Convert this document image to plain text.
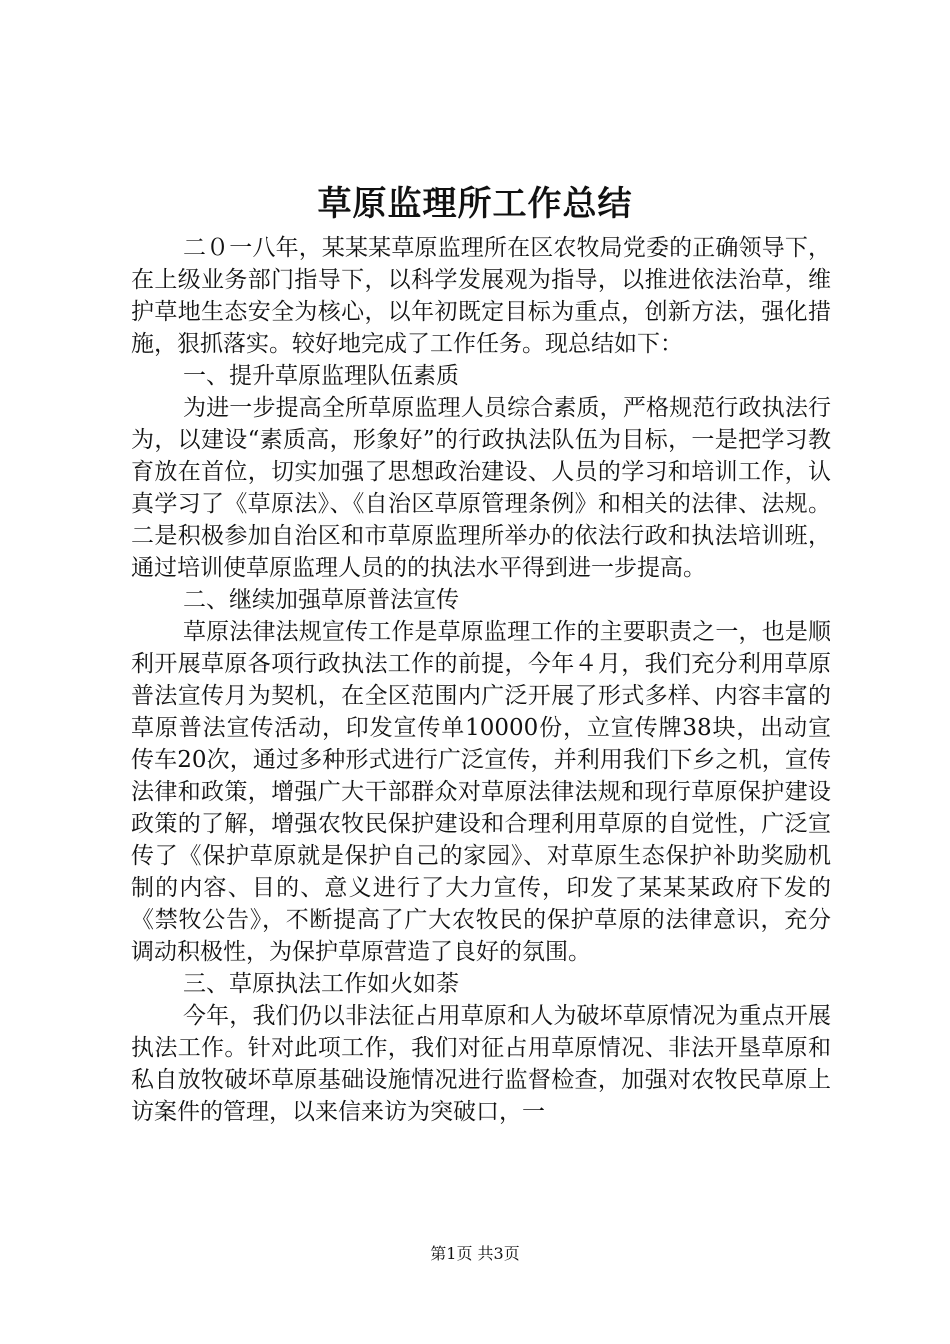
草原监理所工作总结

二０一八年，某某某草原监理所在区农牧局党委的正确领导下，在上级业务部门指导下，以科学发展观为指导，以推进依法治草，维护草地生态安全为核心，以年初既定目标为重点，创新方法，强化措施，狠抓落实。较好地完成了工作任务。现总结如下：

一、提升草原监理队伍素质

为进一步提高全所草原监理人员综合素质，严格规范行政执法行为，以建设“素质高，形象好”的行政执法队伍为目标，一是把学习教育放在首位，切实加强了思想政治建设、人员的学习和培训工作，认真学习了《草原法》、《自治区草原管理条例》和相关的法律、法规。二是积极参加自治区和市草原监理所举办的依法行政和执法培训班，通过培训使草原监理人员的的执法水平得到进一步提高。

二、继续加强草原普法宣传

草原法律法规宣传工作是草原监理工作的主要职责之一，也是顺利开展草原各项行政执法工作的前提，今年４月，我们充分利用草原普法宣传月为契机，在全区范围内广泛开展了形式多样、内容丰富的草原普法宣传活动，印发宣传单10000份，立宣传牌38块，出动宣传车20次，通过多种形式进行广泛宣传，并利用我们下乡之机，宣传法律和政策，增强广大干部群众对草原法律法规和现行草原保护建设政策的了解，增强农牧民保护建设和合理利用草原的自觉性，广泛宣传了《保护草原就是保护自己的家园》、对草原生态保护补助奖励机制的内容、目的、意义进行了大力宣传，印发了某某某政府下发的《禁牧公告》，不断提高了广大农牧民的保护草原的法律意识，充分调动积极性，为保护草原营造了良好的氛围。

三、草原执法工作如火如荼

今年，我们仍以非法征占用草原和人为破坏草原情况为重点开展执法工作。针对此项工作，我们对征占用草原情况、非法开垦草原和私自放牧破坏草原基础设施情况进行监督检查，加强对农牧民草原上访案件的管理，以来信来访为突破口，一

第1页 共3页
